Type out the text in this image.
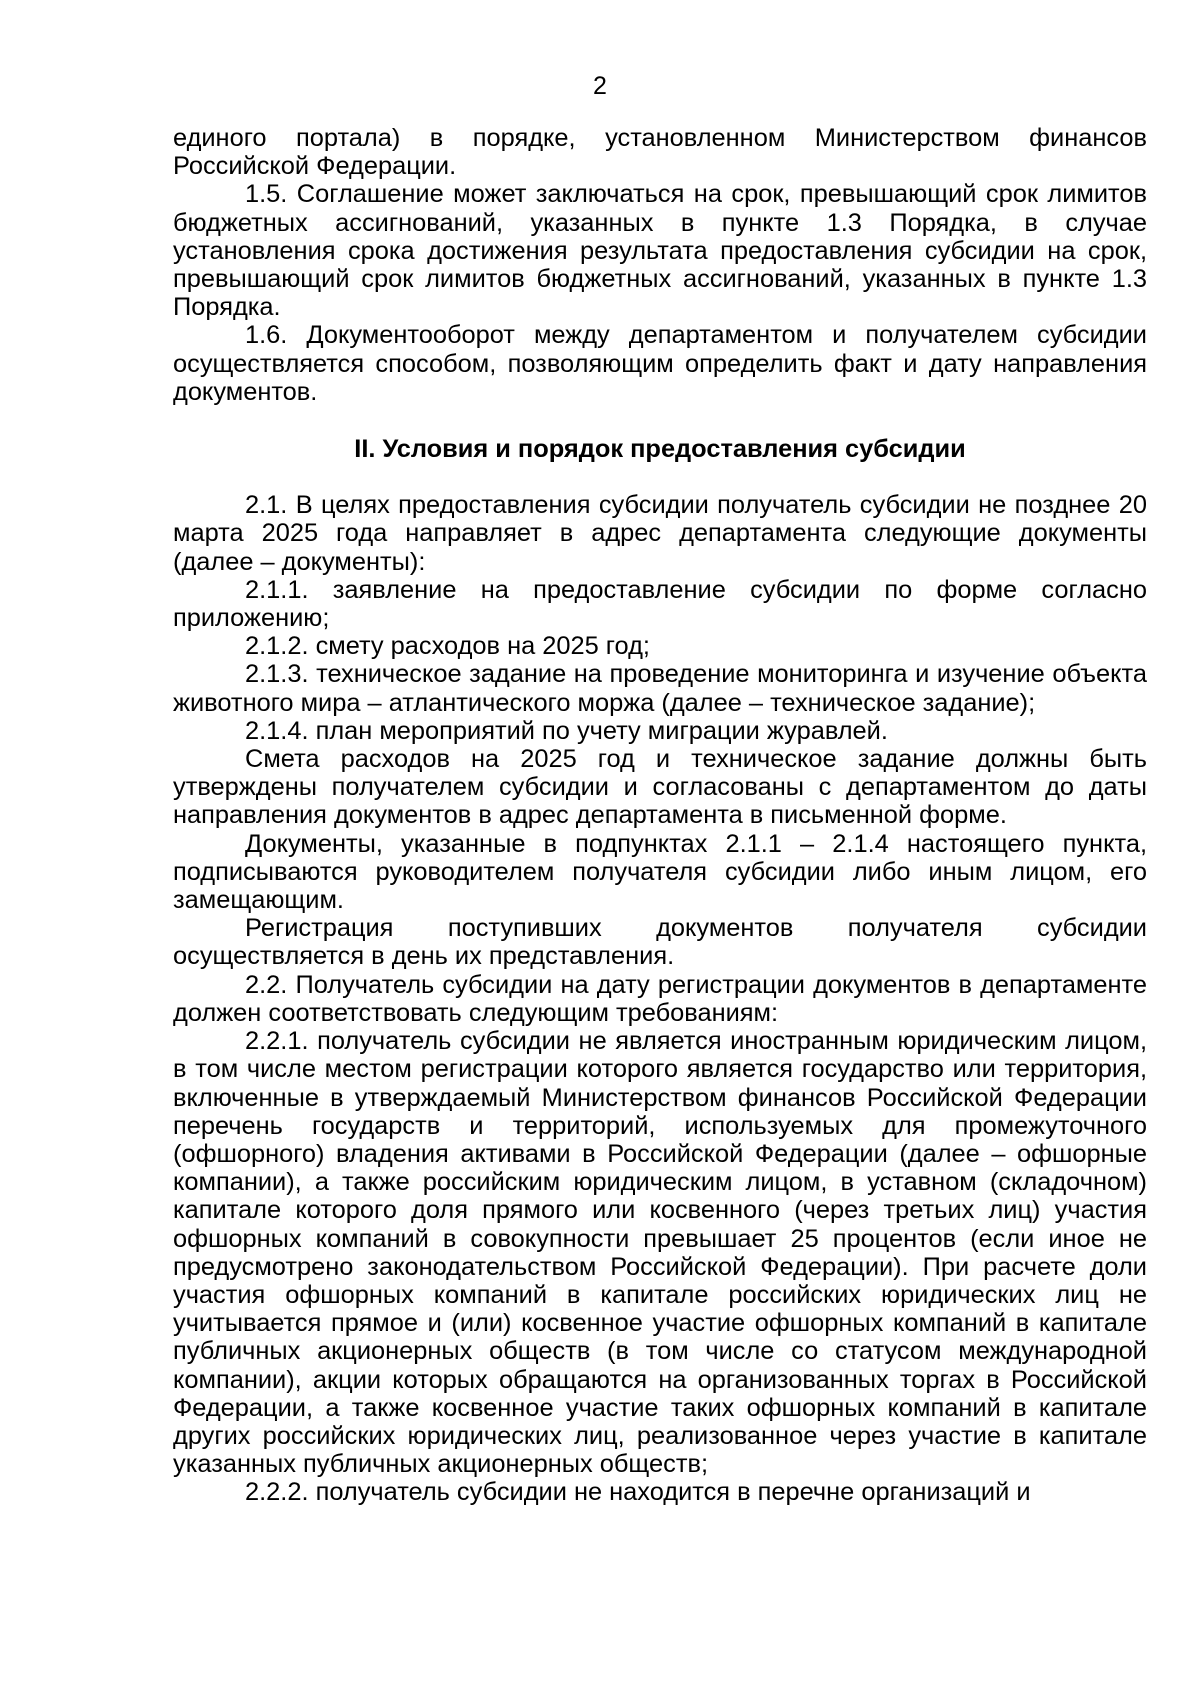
2

единого портала) в порядке, установленном Министерством финансов Российской Федерации.

1.5. Соглашение может заключаться на срок, превышающий срок лимитов бюджетных ассигнований, указанных в пункте 1.3 Порядка, в случае установления срока достижения результата предоставления субсидии на срок, превышающий срок лимитов бюджетных ассигнований, указанных в пункте 1.3 Порядка.

1.6. Документооборот между департаментом и получателем субсидии осуществляется способом, позволяющим определить факт и дату направления документов.

II. Условия и порядок предоставления субсидии

2.1. В целях предоставления субсидии получатель субсидии не позднее 20 марта 2025 года направляет в адрес департамента следующие документы (далее – документы):

2.1.1. заявление на предоставление субсидии по форме согласно приложению;

2.1.2. смету расходов на 2025 год;

2.1.3. техническое задание на проведение мониторинга и изучение объекта животного мира – атлантического моржа (далее – техническое задание);

2.1.4. план мероприятий по учету миграции журавлей.

Смета расходов на 2025 год и техническое задание должны быть утверждены получателем субсидии и согласованы с департаментом до даты направления документов в адрес департамента в письменной форме.

Документы, указанные в подпунктах 2.1.1 – 2.1.4 настоящего пункта, подписываются руководителем получателя субсидии либо иным лицом, его замещающим.

Регистрация поступивших документов получателя субсидии осуществляется в день их представления.

2.2. Получатель субсидии на дату регистрации документов в департаменте должен соответствовать следующим требованиям:

2.2.1. получатель субсидии не является иностранным юридическим лицом, в том числе местом регистрации которого является государство или территория, включенные в утверждаемый Министерством финансов Российской Федерации перечень государств и территорий, используемых для промежуточного (офшорного) владения активами в Российской Федерации (далее – офшорные компании), а также российским юридическим лицом, в уставном (складочном) капитале которого доля прямого или косвенного (через третьих лиц) участия офшорных компаний в совокупности превышает 25 процентов (если иное не предусмотрено законодательством Российской Федерации). При расчете доли участия офшорных компаний в капитале российских юридических лиц не учитывается прямое и (или) косвенное участие офшорных компаний в капитале публичных акционерных обществ (в том числе со статусом международной компании), акции которых обращаются на организованных торгах в Российской Федерации, а также косвенное участие таких офшорных компаний в капитале других российских юридических лиц, реализованное через участие в капитале указанных публичных акционерных обществ;

2.2.2. получатель субсидии не находится в перечне организаций и
